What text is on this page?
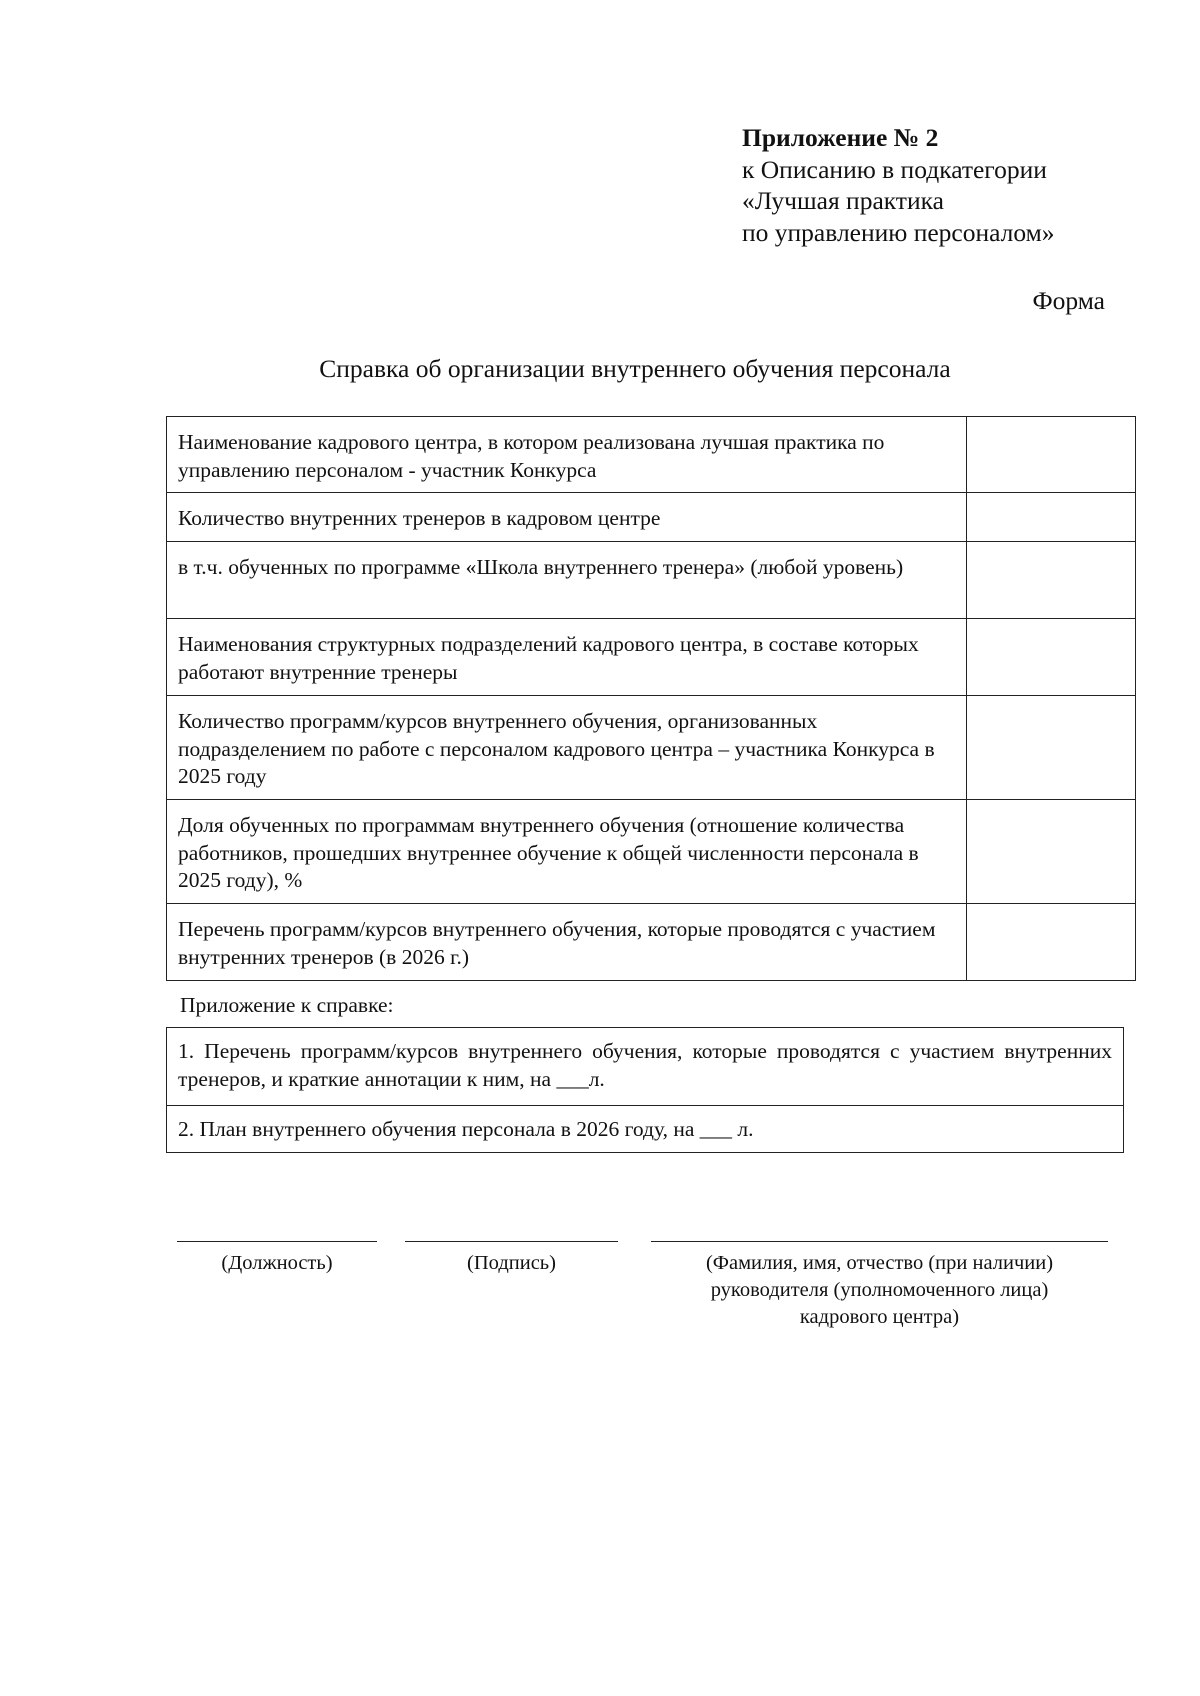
Приложение № 2
к Описанию в подкатегории
«Лучшая практика
по управлению персоналом»
Форма
Справка об организации внутреннего обучения персонала
Наименование кадрового центра, в котором реализована лучшая практика по управлению персоналом - участник Конкурса	
Количество внутренних тренеров в кадровом центре	
в т.ч. обученных по программе «Школа внутреннего тренера» (любой уровень)	
Наименования структурных подразделений кадрового центра, в составе которых работают внутренние тренеры	
Количество программ/курсов внутреннего обучения, организованных подразделением по работе с персоналом кадрового центра – участника Конкурса в 2025 году	
Доля обученных по программам внутреннего обучения (отношение количества работников, прошедших внутреннее обучение к общей численности персонала в 2025 году), %	
Перечень программ/курсов внутреннего обучения, которые проводятся с участием внутренних тренеров (в 2026 г.)	
Приложение к справке:
1. Перечень программ/курсов внутреннего обучения, которые проводятся с участием внутренних тренеров, и краткие аннотации к ним, на ___л.
2. План внутреннего обучения персонала в 2026 году, на ___ л.
(Должность)	(Подпись)	(Фамилия, имя, отчество (при наличии)
руководителя (уполномоченного лица)
кадрового центра)
